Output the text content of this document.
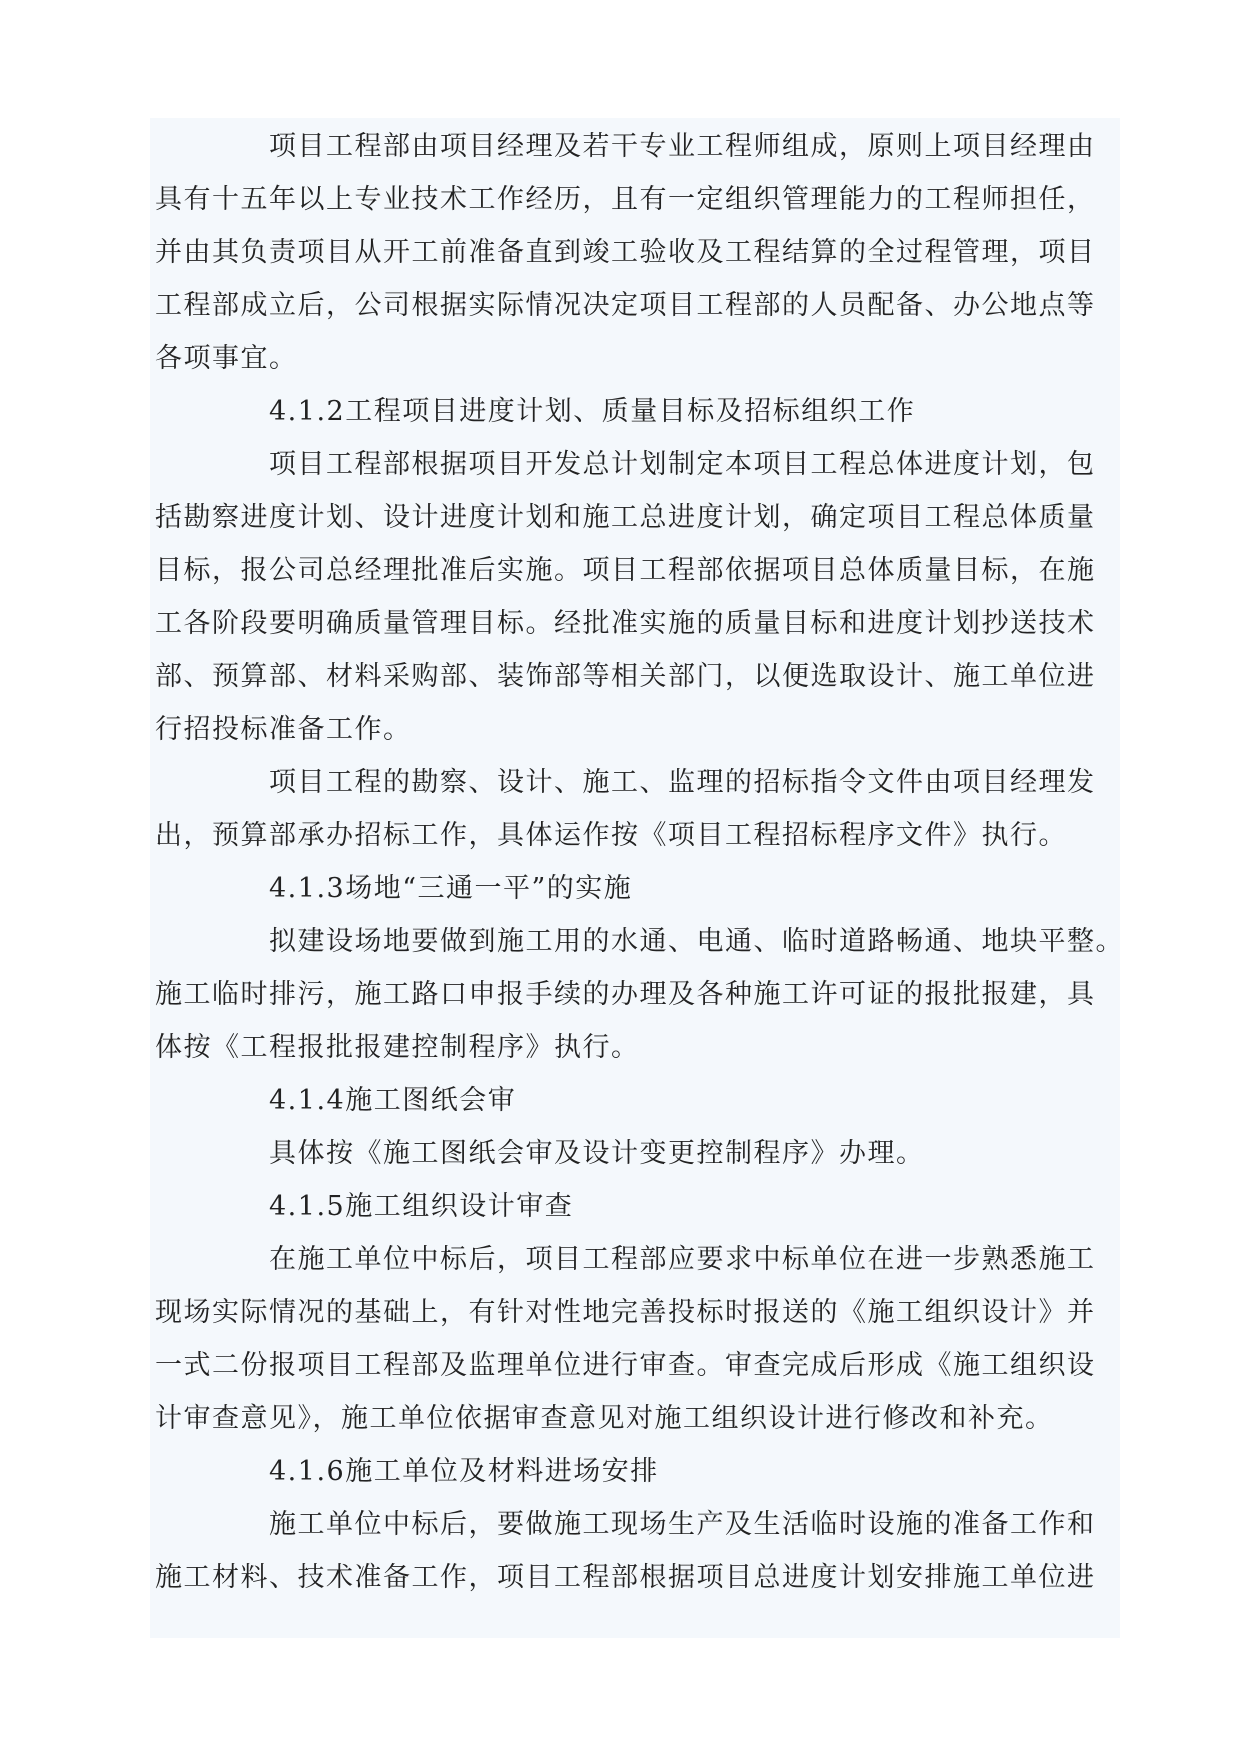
项目工程部由项目经理及若干专业工程师组成，原则上项目经理由
具有十五年以上专业技术工作经历，且有一定组织管理能力的工程师担任，
并由其负责项目从开工前准备直到竣工验收及工程结算的全过程管理，项目
工程部成立后，公司根据实际情况决定项目工程部的人员配备、办公地点等
各项事宜。
4.1.2工程项目进度计划、质量目标及招标组织工作
项目工程部根据项目开发总计划制定本项目工程总体进度计划，包
括勘察进度计划、设计进度计划和施工总进度计划，确定项目工程总体质量
目标，报公司总经理批准后实施。项目工程部依据项目总体质量目标，在施
工各阶段要明确质量管理目标。经批准实施的质量目标和进度计划抄送技术
部、预算部、材料采购部、装饰部等相关部门，以便选取设计、施工单位进
行招投标准备工作。
项目工程的勘察、设计、施工、监理的招标指令文件由项目经理发
出，预算部承办招标工作，具体运作按《项目工程招标程序文件》执行。
4.1.3场地“三通一平”的实施
拟建设场地要做到施工用的水通、电通、临时道路畅通、地块平整。
施工临时排污，施工路口申报手续的办理及各种施工许可证的报批报建，具
体按《工程报批报建控制程序》执行。
4.1.4施工图纸会审
具体按《施工图纸会审及设计变更控制程序》办理。
4.1.5施工组织设计审查
在施工单位中标后，项目工程部应要求中标单位在进一步熟悉施工
现场实际情况的基础上，有针对性地完善投标时报送的《施工组织设计》并
一式二份报项目工程部及监理单位进行审查。审查完成后形成《施工组织设
计审查意见》，施工单位依据审查意见对施工组织设计进行修改和补充。
4.1.6施工单位及材料进场安排
施工单位中标后，要做施工现场生产及生活临时设施的准备工作和
施工材料、技术准备工作，项目工程部根据项目总进度计划安排施工单位进
